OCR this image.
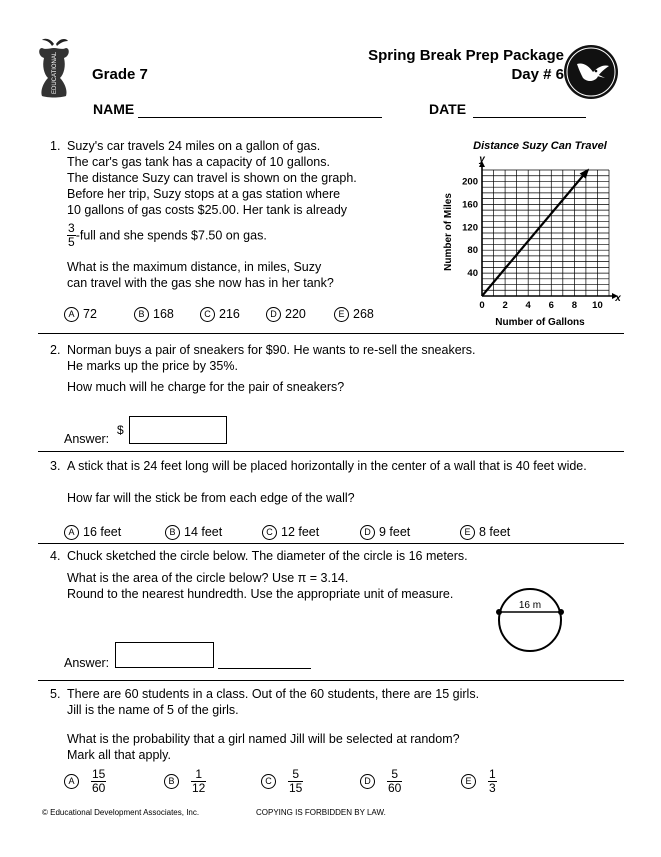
EDUCATIONAL Grade 7
Spring Break Prep Package
Day # 6
NAME	DATE
1. Suzy's car travels 24 miles on a gallon of gas.
The car's gas tank has a capacity of 10 gallons.
The distance Suzy can travel is shown on the graph.
Before her trip, Suzy stops at a gas station where
10 gallons of gas costs $25.00. Her tank is already
$\frac{3}{5}$ -full and she spends $7.50 on gas.
What is the maximum distance, in miles, Suzy
can travel with the gas she now has in her tank?
A 72	B 168	C 216	D 220	E 268
Distance Suzy Can Travel
0 2 4 6 8 10
40
80
120
160
200
y
x
Number of Gallons
Number of Miles
2. Norman buys a pair of sneakers for $90. He wants to re-sell the sneakers.
He marks up the price by 35%.
How much will he charge for the pair of sneakers?
Answer:
$
3. A stick that is 24 feet long will be placed horizontally in the center of a wall that is 40 feet wide.
How far will the stick be from each edge of the wall?
A 16 feet	B 14 feet	C 12 feet	D 9 feet	E 8 feet
4. Chuck sketched the circle below. The diameter of the circle is 16 meters.
What is the area of the circle below? Use π = 3.14.
Round to the nearest hundredth. Use the appropriate unit of measure.
16 m
Answer:
5. There are 60 students in a class. Out of the 60 students, there are 15 girls.
Jill is the name of 5 of the girls.
What is the probability that a girl named Jill will be selected at random?
Mark all that apply.
A $\frac{15}{60}$	B $\frac{1}{12}$	C $\frac{5}{15}$	D $\frac{5}{60}$	E $\frac{1}{3}$
© Educational Development Associates, Inc.	COPYING IS FORBIDDEN BY LAW.
